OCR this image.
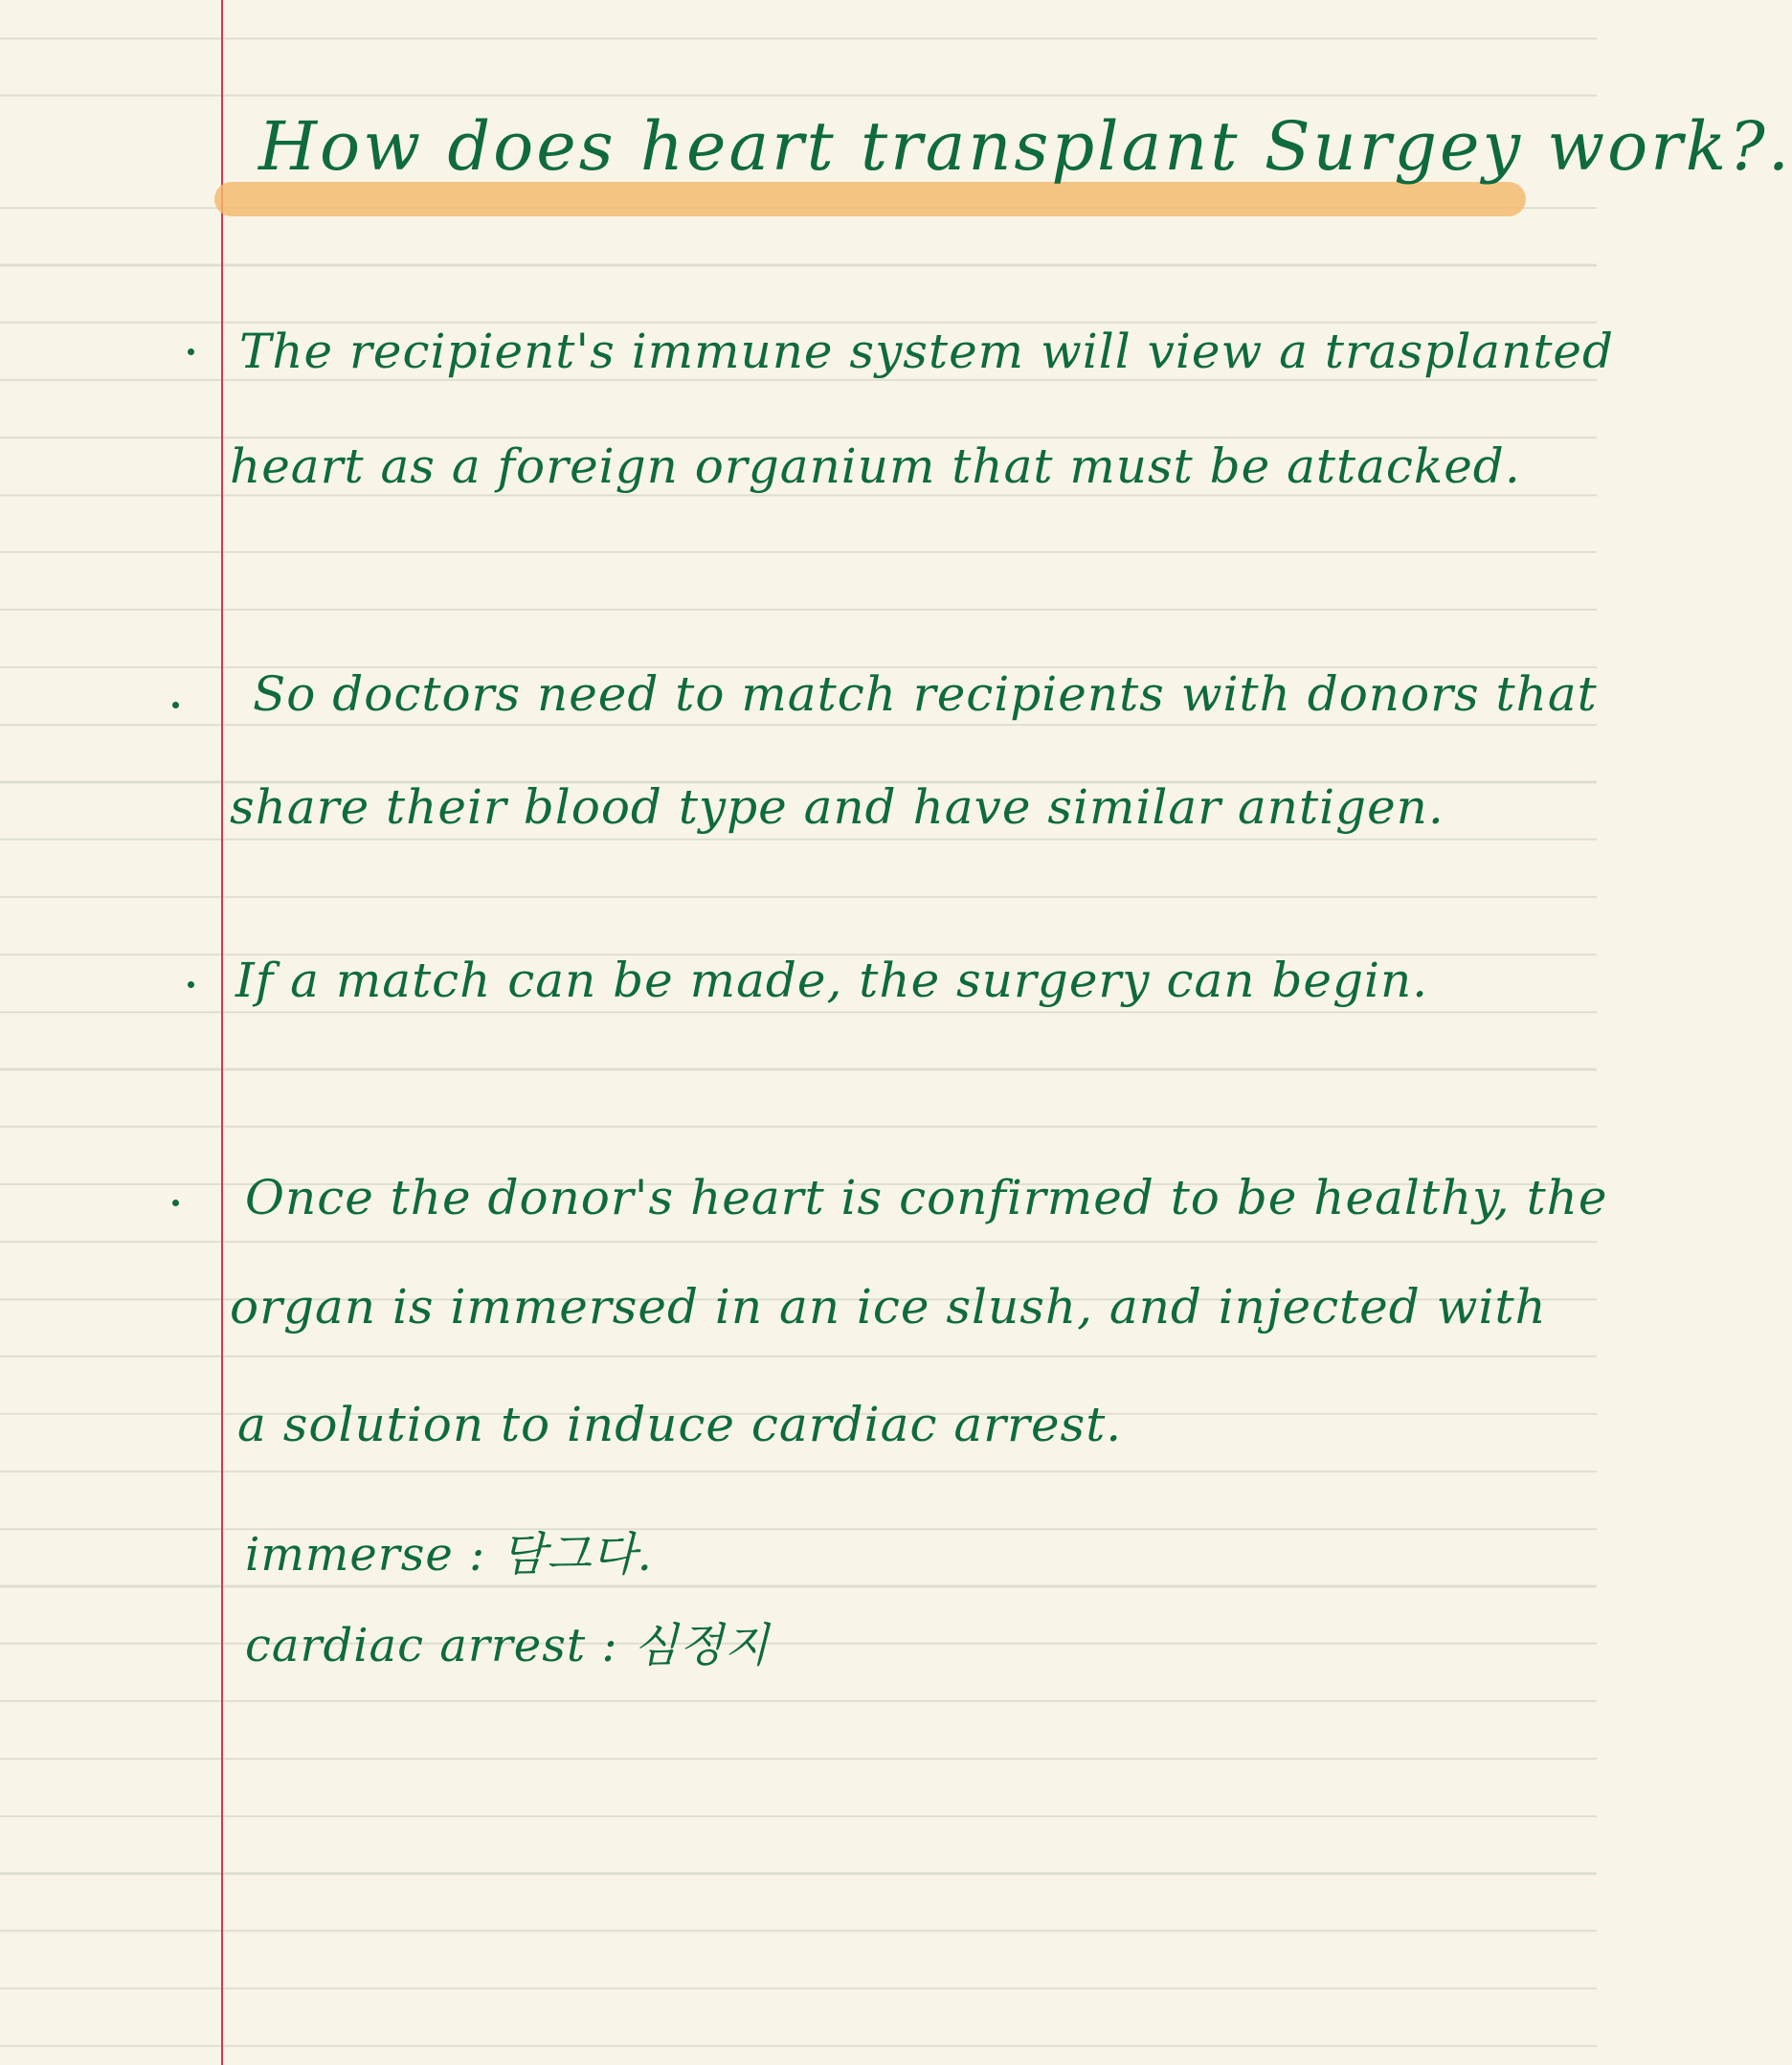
How does heart transplant Surgey work?.
The recipient's immune system will view a trasplanted
heart as a foreign organium that must be attacked.
So doctors need to match recipients with donors that
share their blood type and have similar antigen.
If a match can be made, the surgery can begin.
Once the donor's heart is confirmed to be healthy, the
organ is immersed in an ice slush, and injected with
a solution to induce cardiac arrest.
immerse : 담그다.
cardiac arrest : 심정지
